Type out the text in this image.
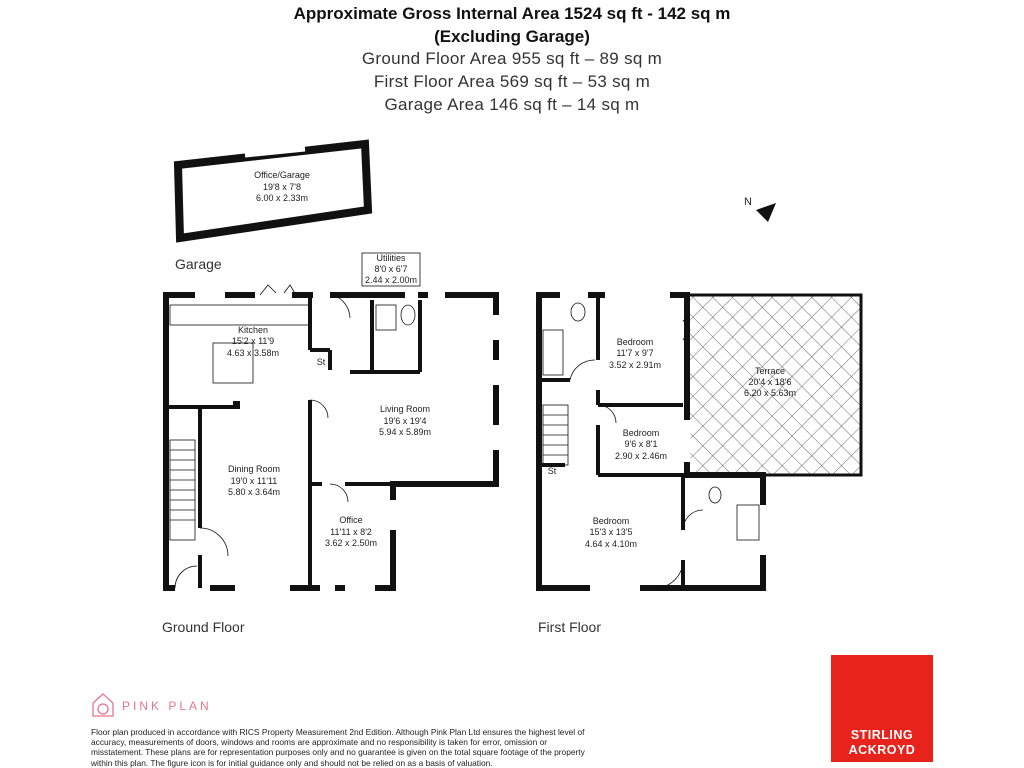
Approximate Gross Internal Area 1524 sq ft - 142 sq m
(Excluding Garage)
Ground Floor Area 955 sq ft – 89 sq m
First Floor Area 569 sq ft – 53 sq m
Garage Area 146 sq ft – 14 sq m
Office/Garage
19'8 x 7'8
6.00 x 2.33m
Kitchen
15'2 x 11'9
4.63 x 3.58m
Utilities
8'0 x 6'7
2.44 x 2.00m
Living Room
19'6 x 19'4
5.94 x 5.89m
Dining Room
19'0 x 11'11
5.80 x 3.64m
Office
11'11 x 8'2
3.62 x 2.50m
St
Bedroom
11'7 x 9'7
3.52 x 2.91m
Terrace
20'4 x 18'6
6.20 x 5.63m
Bedroom
9'6 x 8'1
2.90 x 2.46m
Bedroom
15'3 x 13'5
4.64 x 4.10m
St
N
Garage
Ground Floor	First Floor
PINK PLAN
Floor plan produced in accordance with RICS Property Measurement 2nd Edition. Although Pink Plan Ltd ensures the highest level of accuracy, measurements of doors, windows and rooms are approximate and no responsibility is taken for error, omission or misstatement. These plans are for representation purposes only and no guarantee is given on the total square footage of the property within this plan. The figure icon is for initial guidance only and should not be relied on as a basis of valuation.
STIRLING
ACKROYD
